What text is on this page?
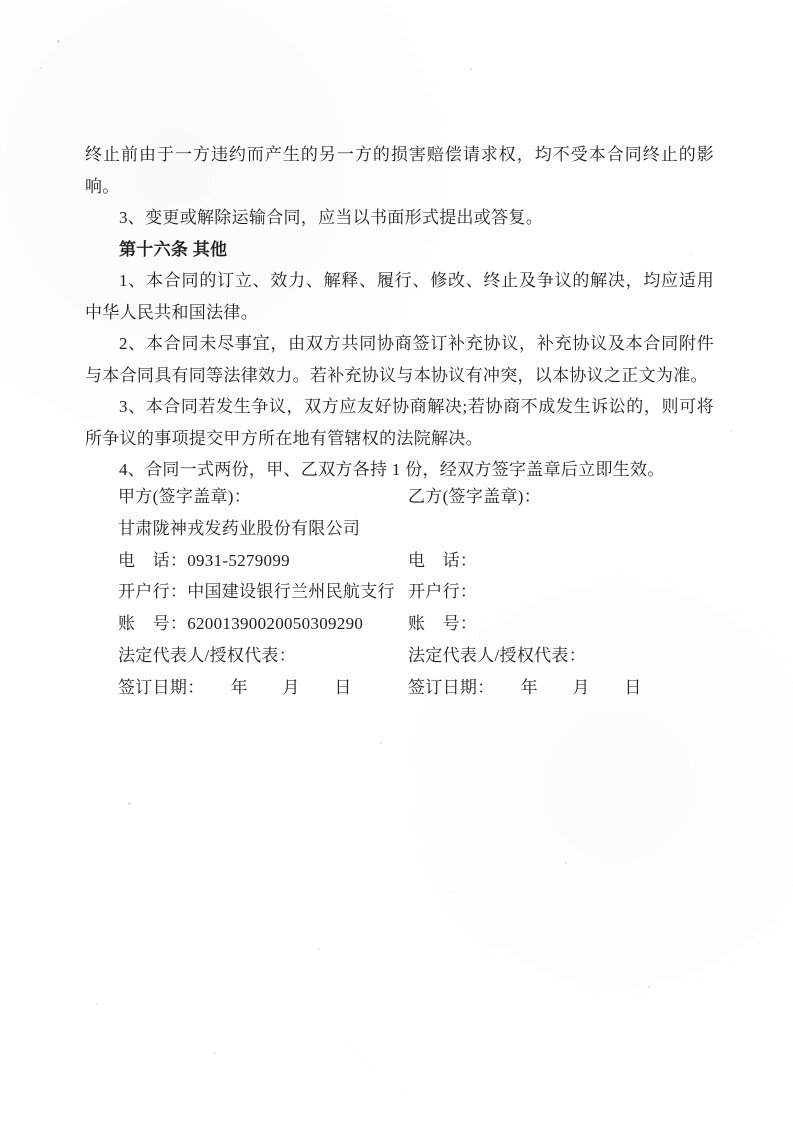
终止前由于一方违约而产生的另一方的损害赔偿请求权，均不受本合同终止的影响。

3、变更或解除运输合同，应当以书面形式提出或答复。

第十六条 其他

1、本合同的订立、效力、解释、履行、修改、终止及争议的解决，均应适用中华人民共和国法律。

2、本合同未尽事宜，由双方共同协商签订补充协议，补充协议及本合同附件与本合同具有同等法律效力。若补充协议与本协议有冲突，以本协议之正文为准。

3、本合同若发生争议，双方应友好协商解决;若协商不成发生诉讼的，则可将所争议的事项提交甲方所在地有管辖权的法院解决。

4、合同一式两份，甲、乙双方各持 1 份，经双方签字盖章后立即生效。

甲方(签字盖章)：
甘肃陇神戎发药业股份有限公司
电　话：0931-5279099
开户行：中国建设银行兰州民航支行
账　号：62001390020050309290
法定代表人/授权代表：
签订日期：　　年　　月　　日
乙方(签字盖章)：
电　话：
开户行：
账　号：
法定代表人/授权代表：
签订日期：　　年　　月　　日
